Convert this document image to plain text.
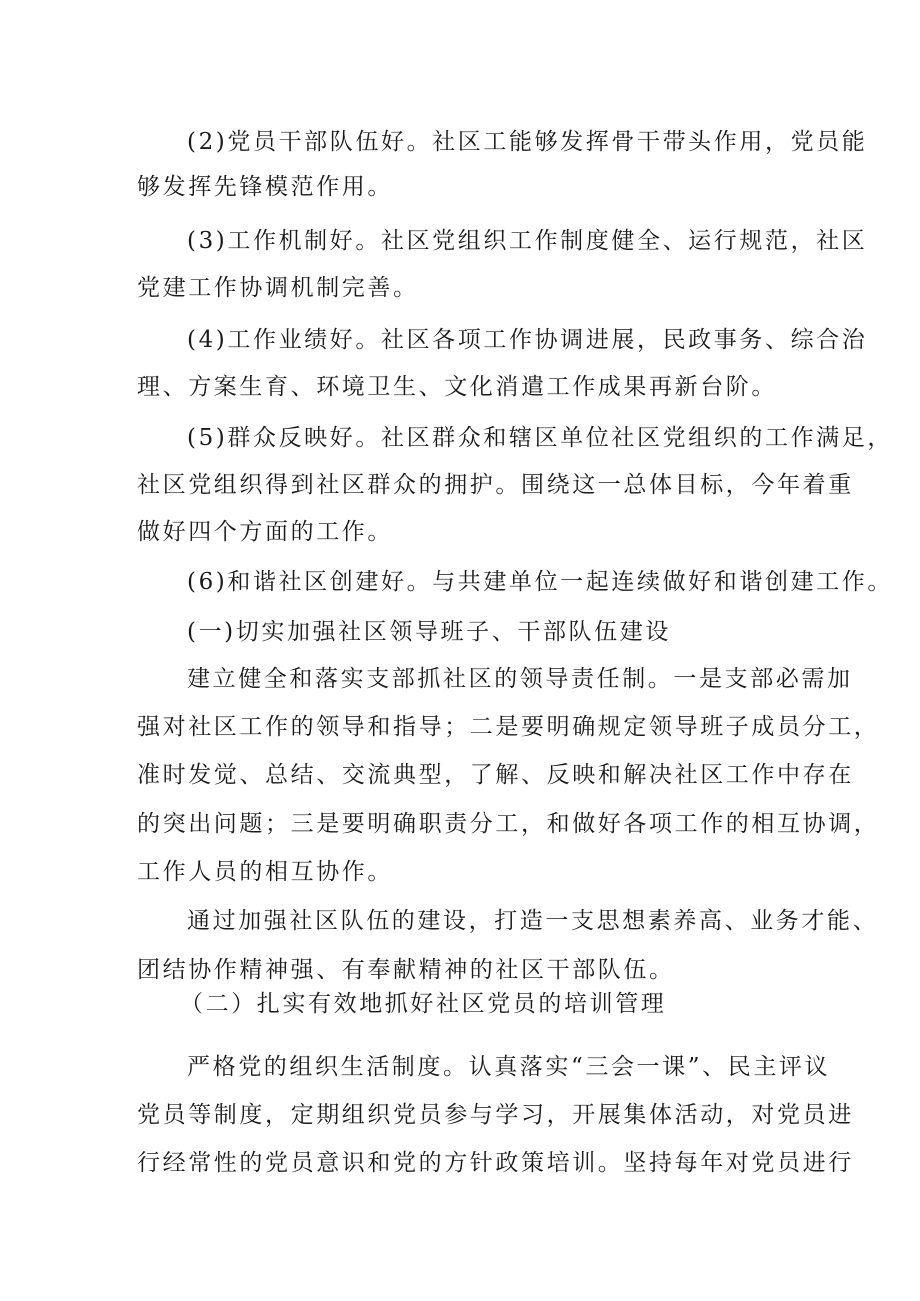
(2)党员干部队伍好。社区工能够发挥骨干带头作用，党员能
够发挥先锋模范作用。
(3)工作机制好。社区党组织工作制度健全、运行规范，社区
党建工作协调机制完善。
(4)工作业绩好。社区各项工作协调进展，民政事务、综合治
理、方案生育、环境卫生、文化消遣工作成果再新台阶。
(5)群众反映好。社区群众和辖区单位社区党组织的工作满足，
社区党组织得到社区群众的拥护。围绕这一总体目标，今年着重
做好四个方面的工作。
(6)和谐社区创建好。与共建单位一起连续做好和谐创建工作。
(一)切实加强社区领导班子、干部队伍建设
建立健全和落实支部抓社区的领导责任制。一是支部必需加
强对社区工作的领导和指导；二是要明确规定领导班子成员分工，
准时发觉、总结、交流典型，了解、反映和解决社区工作中存在
的突出问题；三是要明确职责分工，和做好各项工作的相互协调，
工作人员的相互协作。
通过加强社区队伍的建设，打造一支思想素养高、业务才能、
团结协作精神强、有奉献精神的社区干部队伍。
（二）扎实有效地抓好社区党员的培训管理
严格党的组织生活制度。认真落实“三会一课”、民主评议
党员等制度，定期组织党员参与学习，开展集体活动，对党员进
行经常性的党员意识和党的方针政策培训。坚持每年对党员进行
